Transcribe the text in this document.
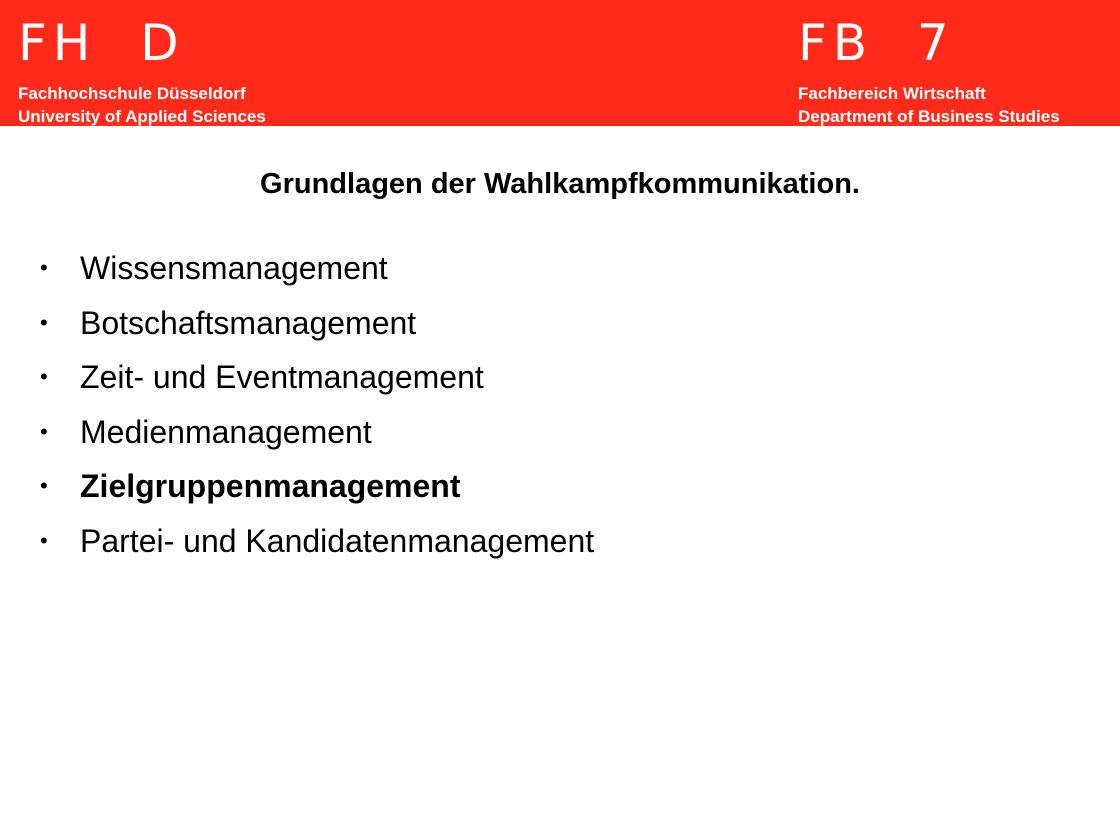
FH  D
Fachhochschule Düsseldorf
University of Applied Sciences
FB  7
Fachbereich Wirtschaft
Department of Business Studies
Grundlagen der Wahlkampfkommunikation.
• Wissensmanagement
• Botschaftsmanagement
• Zeit- und Eventmanagement
• Medienmanagement
• Zielgruppenmanagement
• Partei- und Kandidatenmanagement
